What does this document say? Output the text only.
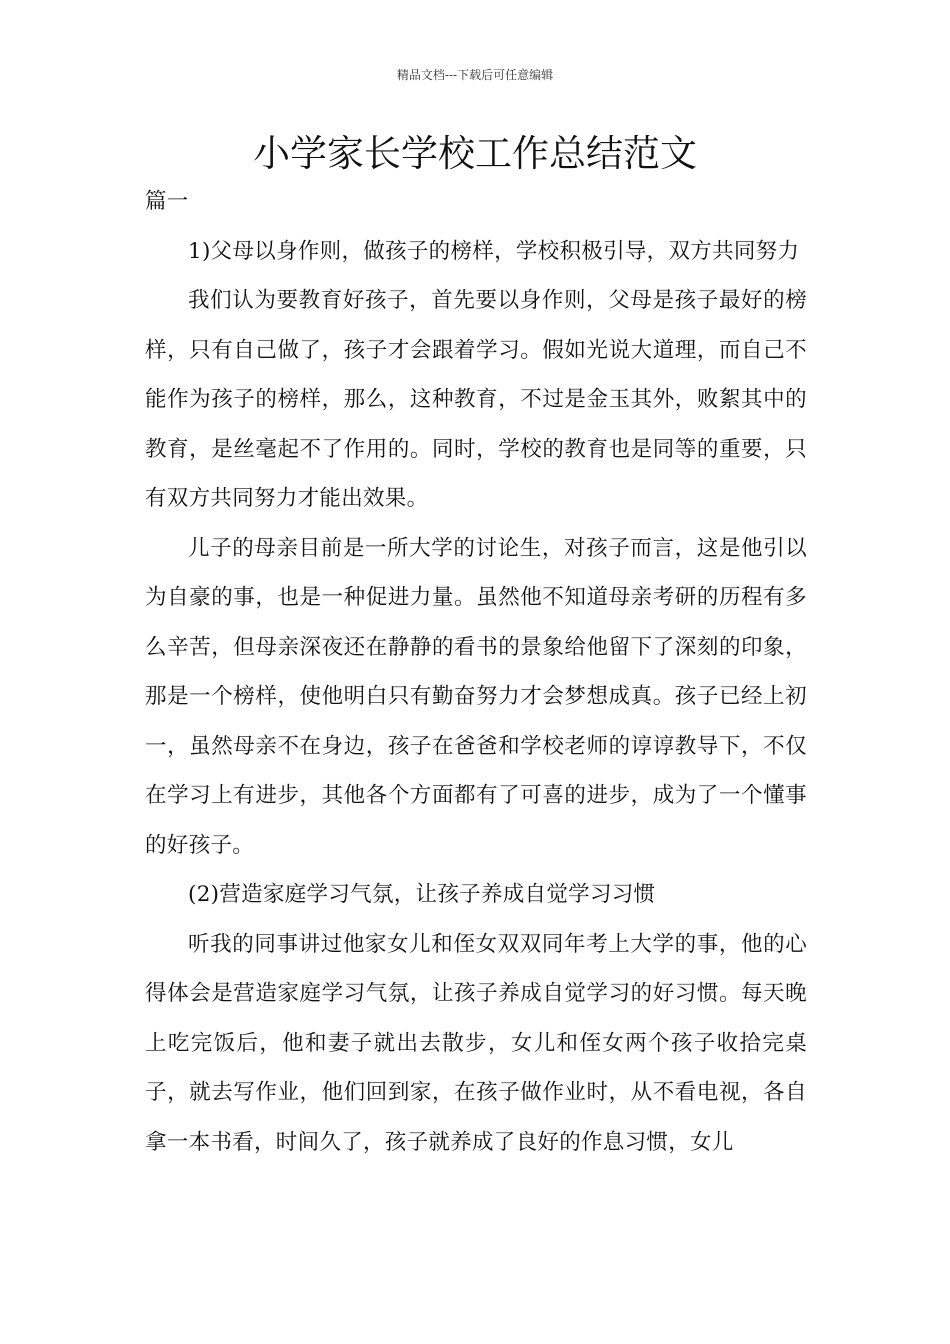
精品文档---下载后可任意编辑
小学家长学校工作总结范文

篇一

1)父母以身作则，做孩子的榜样，学校积极引导，双方共同努力

我们认为要教育好孩子，首先要以身作则，父母是孩子最好的榜样，只有自己做了，孩子才会跟着学习。假如光说大道理，而自己不能作为孩子的榜样，那么，这种教育，不过是金玉其外，败絮其中的教育，是丝毫起不了作用的。同时，学校的教育也是同等的重要，只有双方共同努力才能出效果。

儿子的母亲目前是一所大学的讨论生，对孩子而言，这是他引以为自豪的事，也是一种促进力量。虽然他不知道母亲考研的历程有多么辛苦，但母亲深夜还在静静的看书的景象给他留下了深刻的印象，那是一个榜样，使他明白只有勤奋努力才会梦想成真。孩子已经上初一，虽然母亲不在身边，孩子在爸爸和学校老师的谆谆教导下，不仅在学习上有进步，其他各个方面都有了可喜的进步，成为了一个懂事的好孩子。

(2)营造家庭学习气氛，让孩子养成自觉学习习惯

听我的同事讲过他家女儿和侄女双双同年考上大学的事，他的心得体会是营造家庭学习气氛，让孩子养成自觉学习的好习惯。每天晚上吃完饭后，他和妻子就出去散步，女儿和侄女两个孩子收拾完桌子，就去写作业，他们回到家，在孩子做作业时，从不看电视，各自拿一本书看，时间久了，孩子就养成了良好的作息习惯，女儿
